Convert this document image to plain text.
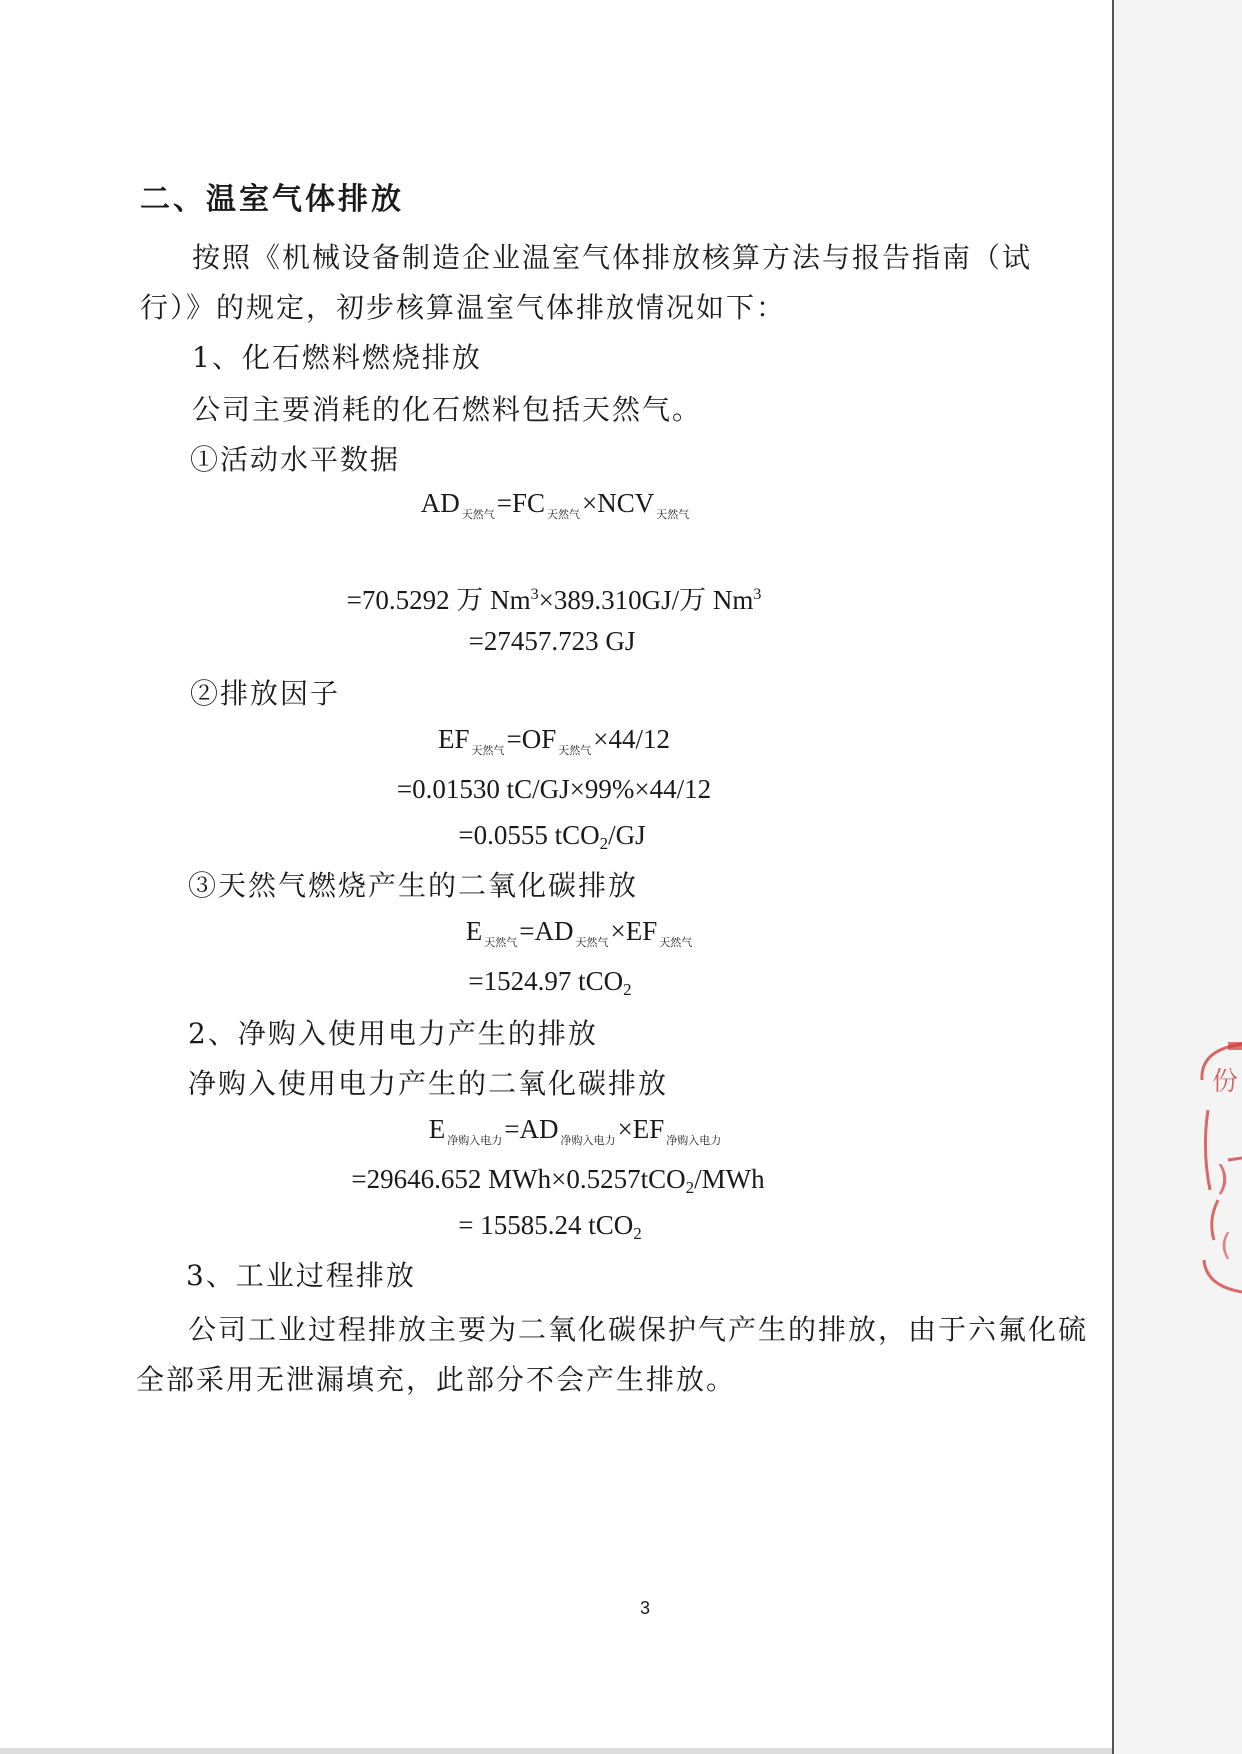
二、温室气体排放
按照《机械设备制造企业温室气体排放核算方法与报告指南（试
行）》的规定，初步核算温室气体排放情况如下：
1、化石燃料燃烧排放
公司主要消耗的化石燃料包括天然气。
①活动水平数据
AD $_{天然气}$=FC $_{天然气}$×NCV $_{天然气}$
=70.5292 万 $Nm^3\times 389.310GJ/$万 $Nm^3$
=27457.723 GJ
②排放因子
EF $_{天然气}$=OF $_{天然气}$×44/12
=0.01530 tC/GJ×99%×44/12
=0.0555 tCO2/GJ
③天然气燃烧产生的二氧化碳排放
E $_{天然气}$=AD $_{天然气}$×EF $_{天然气}$
=1524.97 tCO2
2、净购入使用电力产生的排放
净购入使用电力产生的二氧化碳排放
E $_{净购入电力}$=AD $_{净购入电力}$×EF $_{净购入电力}$
=29646.652 MWh×0.5257tCO2/MWh
= 15585.24 tCO2
3、工业过程排放
公司工业过程排放主要为二氧化碳保护气产生的排放，由于六氟化硫
全部采用无泄漏填充，此部分不会产生排放。
3
份
)
(
